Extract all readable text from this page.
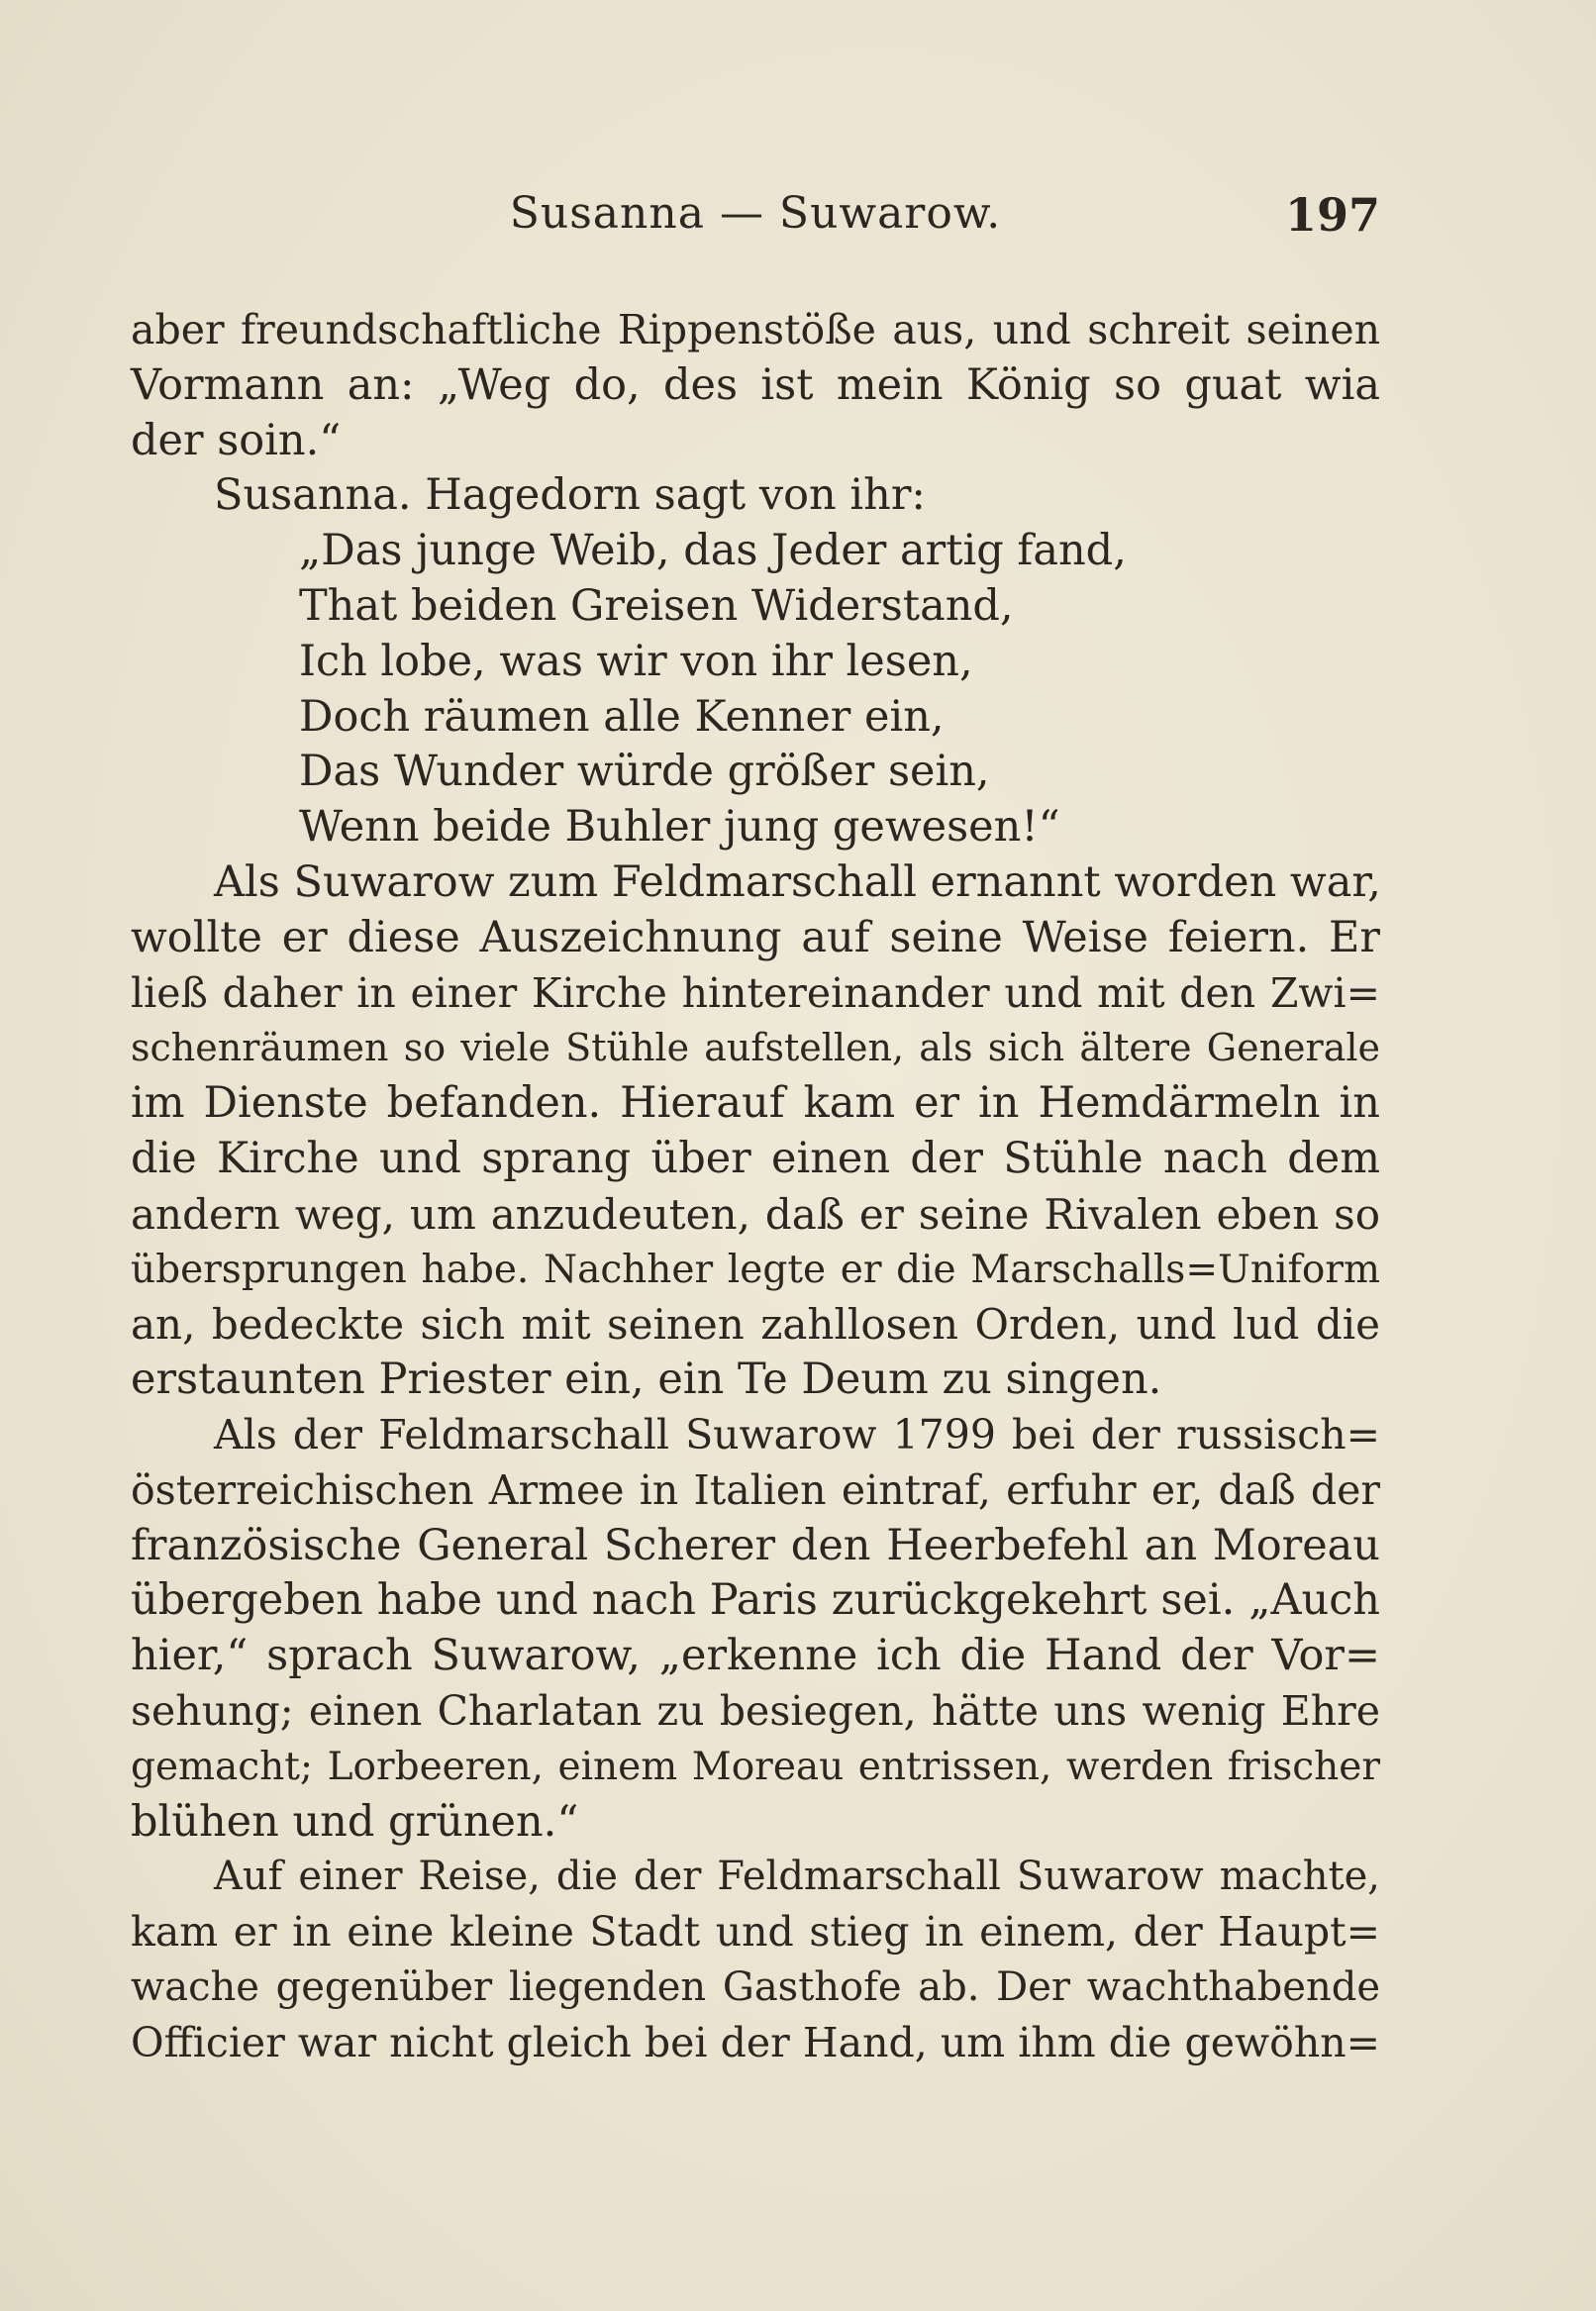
Susanna — Suwarow.	197
aber freundschaftliche Rippenstöße aus, und schreit seinen
Vormann an: „Weg do, des ist mein König so guat wia
der soin.“
Susanna. Hagedorn sagt von ihr:
„Das junge Weib, das Jeder artig fand,
That beiden Greisen Widerstand,
Ich lobe, was wir von ihr lesen,
Doch räumen alle Kenner ein,
Das Wunder würde größer sein,
Wenn beide Buhler jung gewesen!“
Als Suwarow zum Feldmarschall ernannt worden war,
wollte er diese Auszeichnung auf seine Weise feiern. Er
ließ daher in einer Kirche hintereinander und mit den Zwi=
schenräumen so viele Stühle aufstellen, als sich ältere Generale
im Dienste befanden. Hierauf kam er in Hemdärmeln in
die Kirche und sprang über einen der Stühle nach dem
andern weg, um anzudeuten, daß er seine Rivalen eben so
übersprungen habe. Nachher legte er die Marschalls=Uniform
an, bedeckte sich mit seinen zahllosen Orden, und lud die
erstaunten Priester ein, ein Te Deum zu singen.
Als der Feldmarschall Suwarow 1799 bei der russisch=
österreichischen Armee in Italien eintraf, erfuhr er, daß der
französische General Scherer den Heerbefehl an Moreau
übergeben habe und nach Paris zurückgekehrt sei. „Auch
hier,“ sprach Suwarow, „erkenne ich die Hand der Vor=
sehung; einen Charlatan zu besiegen, hätte uns wenig Ehre
gemacht; Lorbeeren, einem Moreau entrissen, werden frischer
blühen und grünen.“
Auf einer Reise, die der Feldmarschall Suwarow machte,
kam er in eine kleine Stadt und stieg in einem, der Haupt=
wache gegenüber liegenden Gasthofe ab. Der wachthabende
Officier war nicht gleich bei der Hand, um ihm die gewöhn=
